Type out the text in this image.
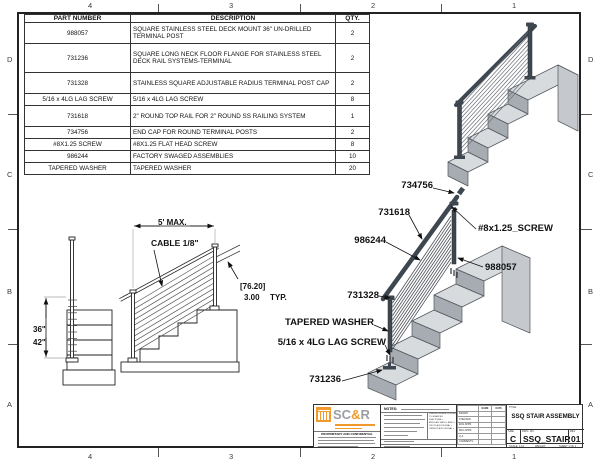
4
4
3
3
2
2
1
1
D	D
C	C
B	B
A	A
PART NUMBER	DESCRIPTION	QTY.
988057	SQUARE STAINLESS STEEL DECK MOUNT 36" UN-DRILLED TERMINAL POST	2
731236	SQUARE LONG NECK FLOOR FLANGE FOR STAINLESS STEEL DECK RAIL SYSTEMS-TERMINAL	2
731328	STAINLESS SQUARE ADJUSTABLE RADIUS TERMINAL POST CAP	2
5/16 x 4LG LAG SCREW	5/16 x 4LG LAG SCREW	8
731618	2" ROUND TOP RAIL FOR 2" ROUND SS RAILING SYSTEM	1
734756	END CAP FOR ROUND TERMINAL POSTS	2
#8X1.25 SCREW	#8X1.25 FLAT HEAD SCREW	8
986244	FACTORY SWAGED ASSEMBLIES	10
TAPERED WASHER	TAPERED WASHER	20
5' MAX.
CABLE 1/8"
[76.20]
3.00 TYP.
36"
42"
734756
731618
986244
#8x1.25_SCREW
988057
731328
TAPERED WASHER
5/16 x 4LG LAG SCREW
731236
SC&R
PROPRIETARY AND CONFIDENTIAL
NOTES:
DIMENSIONS ARE IN INCHES
TOLERANCES:
FRACTIONAL ±
ANGULAR: MACH ± BEND ±
TWO PLACE DECIMAL ±
THREE PLACE DECIMAL ±
	NAME	DATE
DRAWN		
CHECKED		
ENG APPR.		
MFG APPR.		
Q.A.		
COMMENTS:		
TITLE:
SSQ STAIR ASSEMBLY
SIZE
C
DWG. NO.
SSQ_STAIR
REV
01
SCALE: 1:12	WEIGHT:	SHEET 1 OF 1
